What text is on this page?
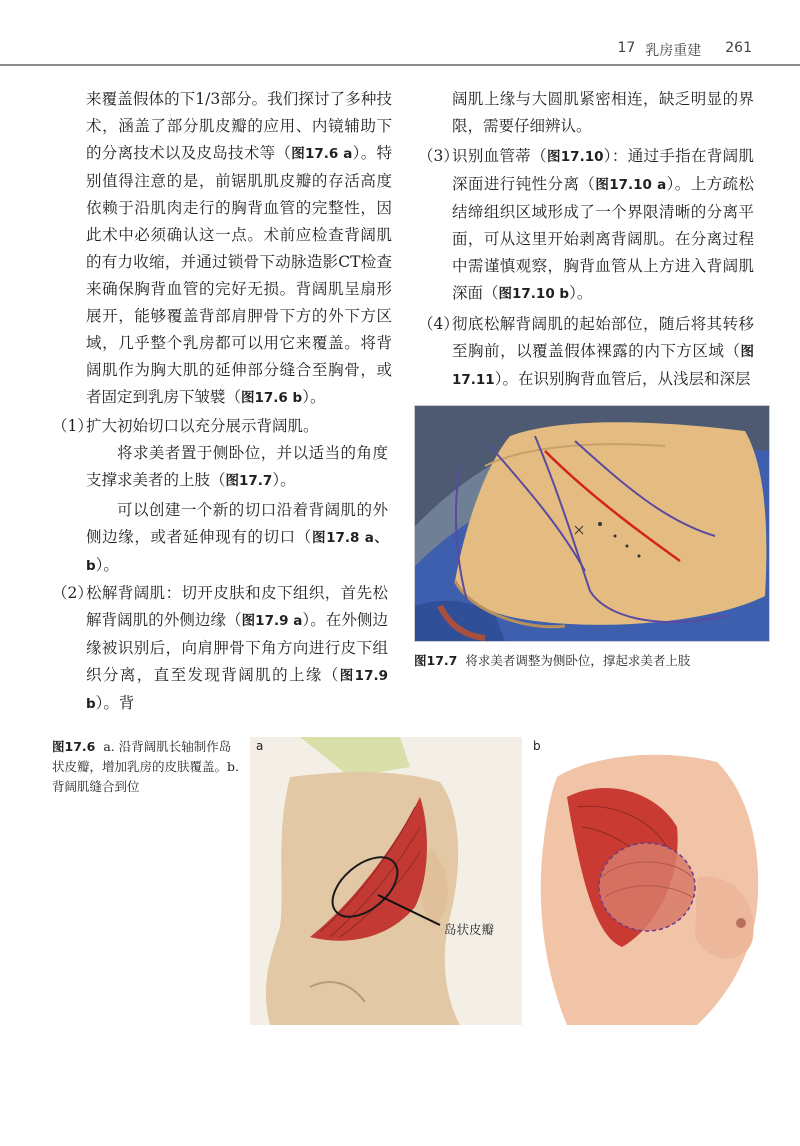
17 乳房重建 261

来覆盖假体的下1/3部分。我们探讨了多种技术，涵盖了部分肌皮瓣的应用、内镜辅助下的分离技术以及皮岛技术等（图17.6 a）。特别值得注意的是，前锯肌肌皮瓣的存活高度依赖于沿肌肉走行的胸背血管的完整性，因此术中必须确认这一点。术前应检查背阔肌的有力收缩，并通过锁骨下动脉造影CT检查来确保胸背血管的完好无损。背阔肌呈扇形展开，能够覆盖背部肩胛骨下方的外下方区域，几乎整个乳房都可以用它来覆盖。将背阔肌作为胸大肌的延伸部分缝合至胸骨，或者固定到乳房下皱襞（图17.6 b）。

阔肌上缘与大圆肌紧密相连，缺乏明显的界限，需要仔细辨认。

（3）
识别血管蒂（图17.10）：通过手指在背阔肌深面进行钝性分离（图17.10 a）。上方疏松结缔组织区域形成了一个界限清晰的分离平面，可从这里开始剥离背阔肌。在分离过程中需谨慎观察，胸背血管从上方进入背阔肌深面（图17.10 b）。

（4）
彻底松解背阔肌的起始部位，随后将其转移至胸前，以覆盖假体裸露的内下方区域（图17.11）。在识别胸背血管后，从浅层和深层

（1）
扩大初始切口以充分展示背阔肌。

将求美者置于侧卧位，并以适当的角度支撑求美者的上肢（图17.7）。

可以创建一个新的切口沿着背阔肌的外侧边缘，或者延伸现有的切口（图17.8 a、b）。

（2）
松解背阔肌：切开皮肤和皮下组织，首先松解背阔肌的外侧边缘（图17.9 a）。在外侧边缘被识别后，向肩胛骨下角方向进行皮下组织分离，直至发现背阔肌的上缘（图17.9 b）。背

图17.7 将求美者调整为侧卧位，撑起求美者上肢
图17.6 a. 沿背阔肌长轴制作岛状皮瓣，增加乳房的皮肤覆盖。b. 背阔肌缝合到位
a
岛状皮瓣
b
